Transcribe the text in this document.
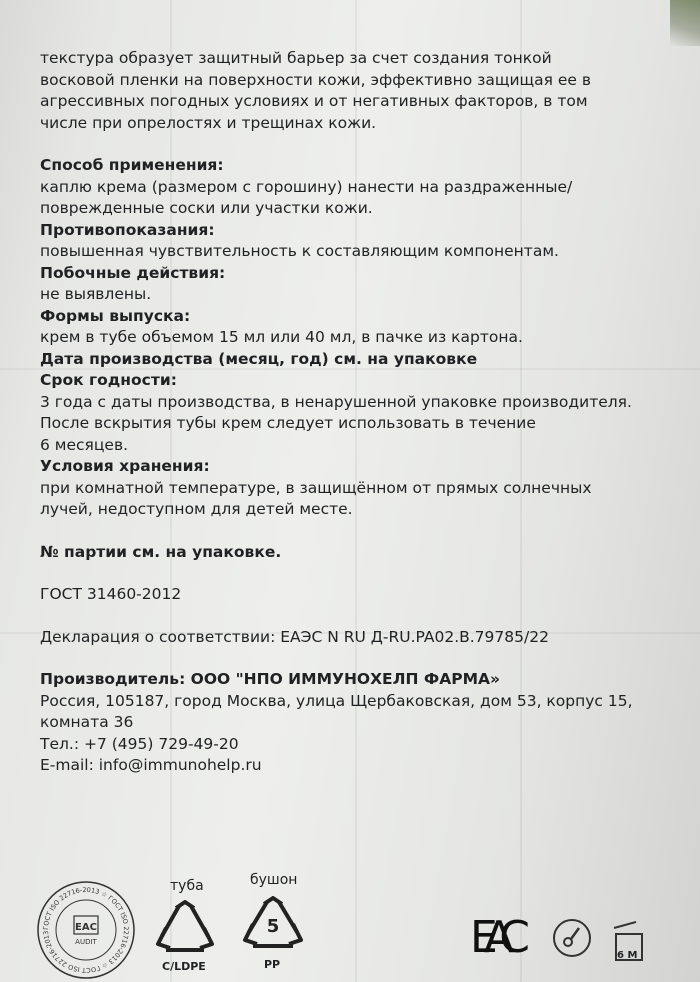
текстура образует защитный барьер за счет создания тонкой

восковой пленки на поверхности кожи, эффективно защищая ее в

агрессивных погодных условиях и от негативных факторов, в том

числе при опрелостях и трещинах кожи.

Способ применения:

каплю крема (размером с горошину) нанести на раздраженные/

поврежденные соски или участки кожи.

Противопоказания:

повышенная чувствительность к составляющим компонентам.

Побочные действия:

не выявлены.

Формы выпуска:

крем в тубе объемом 15 мл или 40 мл, в пачке из картона.

Дата производства (месяц, год) см. на упаковке

Срок годности:

3 года с даты производства, в ненарушенной упаковке производителя.

После вскрытия тубы крем следует использовать в течение

6 месяцев.

Условия хранения:

при комнатной температуре, в защищённом от прямых солнечных

лучей, недоступном для детей месте.

№ партии см. на упаковке.

ГОСТ 31460-2012

Декларация о соответствии: ЕАЭС N RU Д-RU.PA02.B.79785/22

Производитель: ООО "НПО ИММУНОХЕЛП ФАРМА»

Россия, 105187, город Москва, улица Щербаковская, дом 53, корпус 15,

комната 36

Тел.: +7 (495) 729-49-20

E-mail: info@immunohelp.ru

ГОСТ ISO 22716-2013 ☆ ГОСТ ISO 22716-2013 ☆ ГОСТ ISO 22716-2013	EAC
AUDIT
туба	бушон
C/LDPE
5
PP
EAC	6 M
